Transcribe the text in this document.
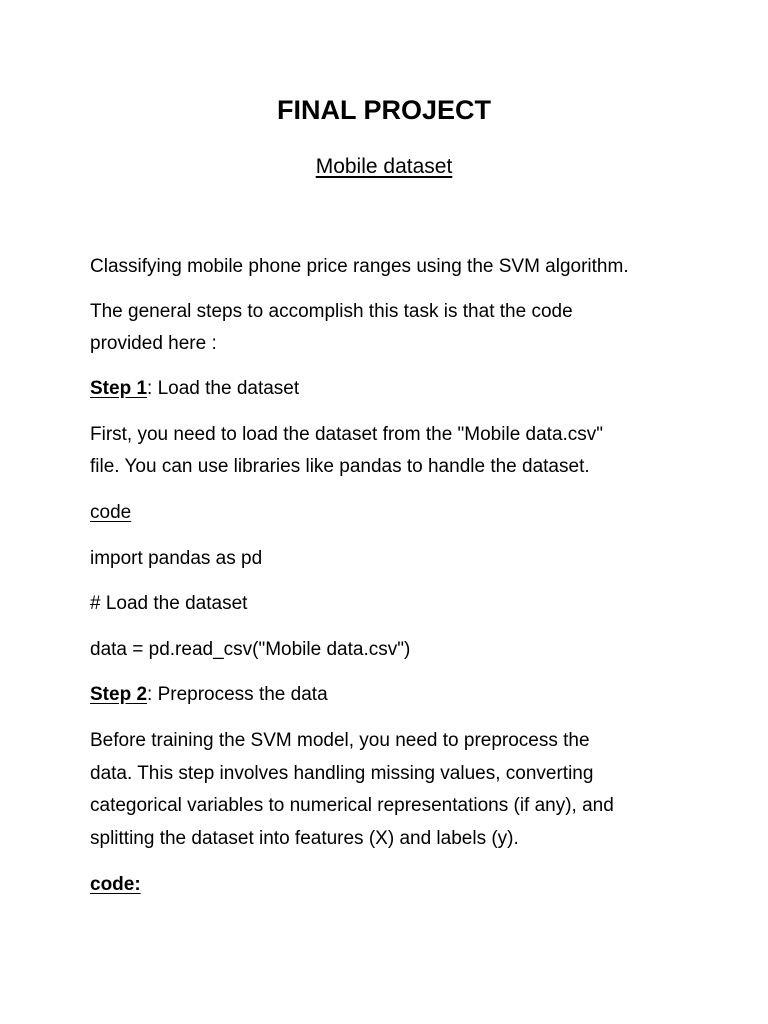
FINAL PROJECT
Mobile dataset
Classifying mobile phone price ranges using the SVM algorithm.
The general steps to accomplish this task is that the code
provided here :
Step 1: Load the dataset
First, you need to load the dataset from the "Mobile data.csv"
file. You can use libraries like pandas to handle the dataset.
code
import pandas as pd
# Load the dataset
data = pd.read_csv("Mobile data.csv")
Step 2: Preprocess the data
Before training the SVM model, you need to preprocess the
data. This step involves handling missing values, converting
categorical variables to numerical representations (if any), and
splitting the dataset into features (X) and labels (y).
code:
